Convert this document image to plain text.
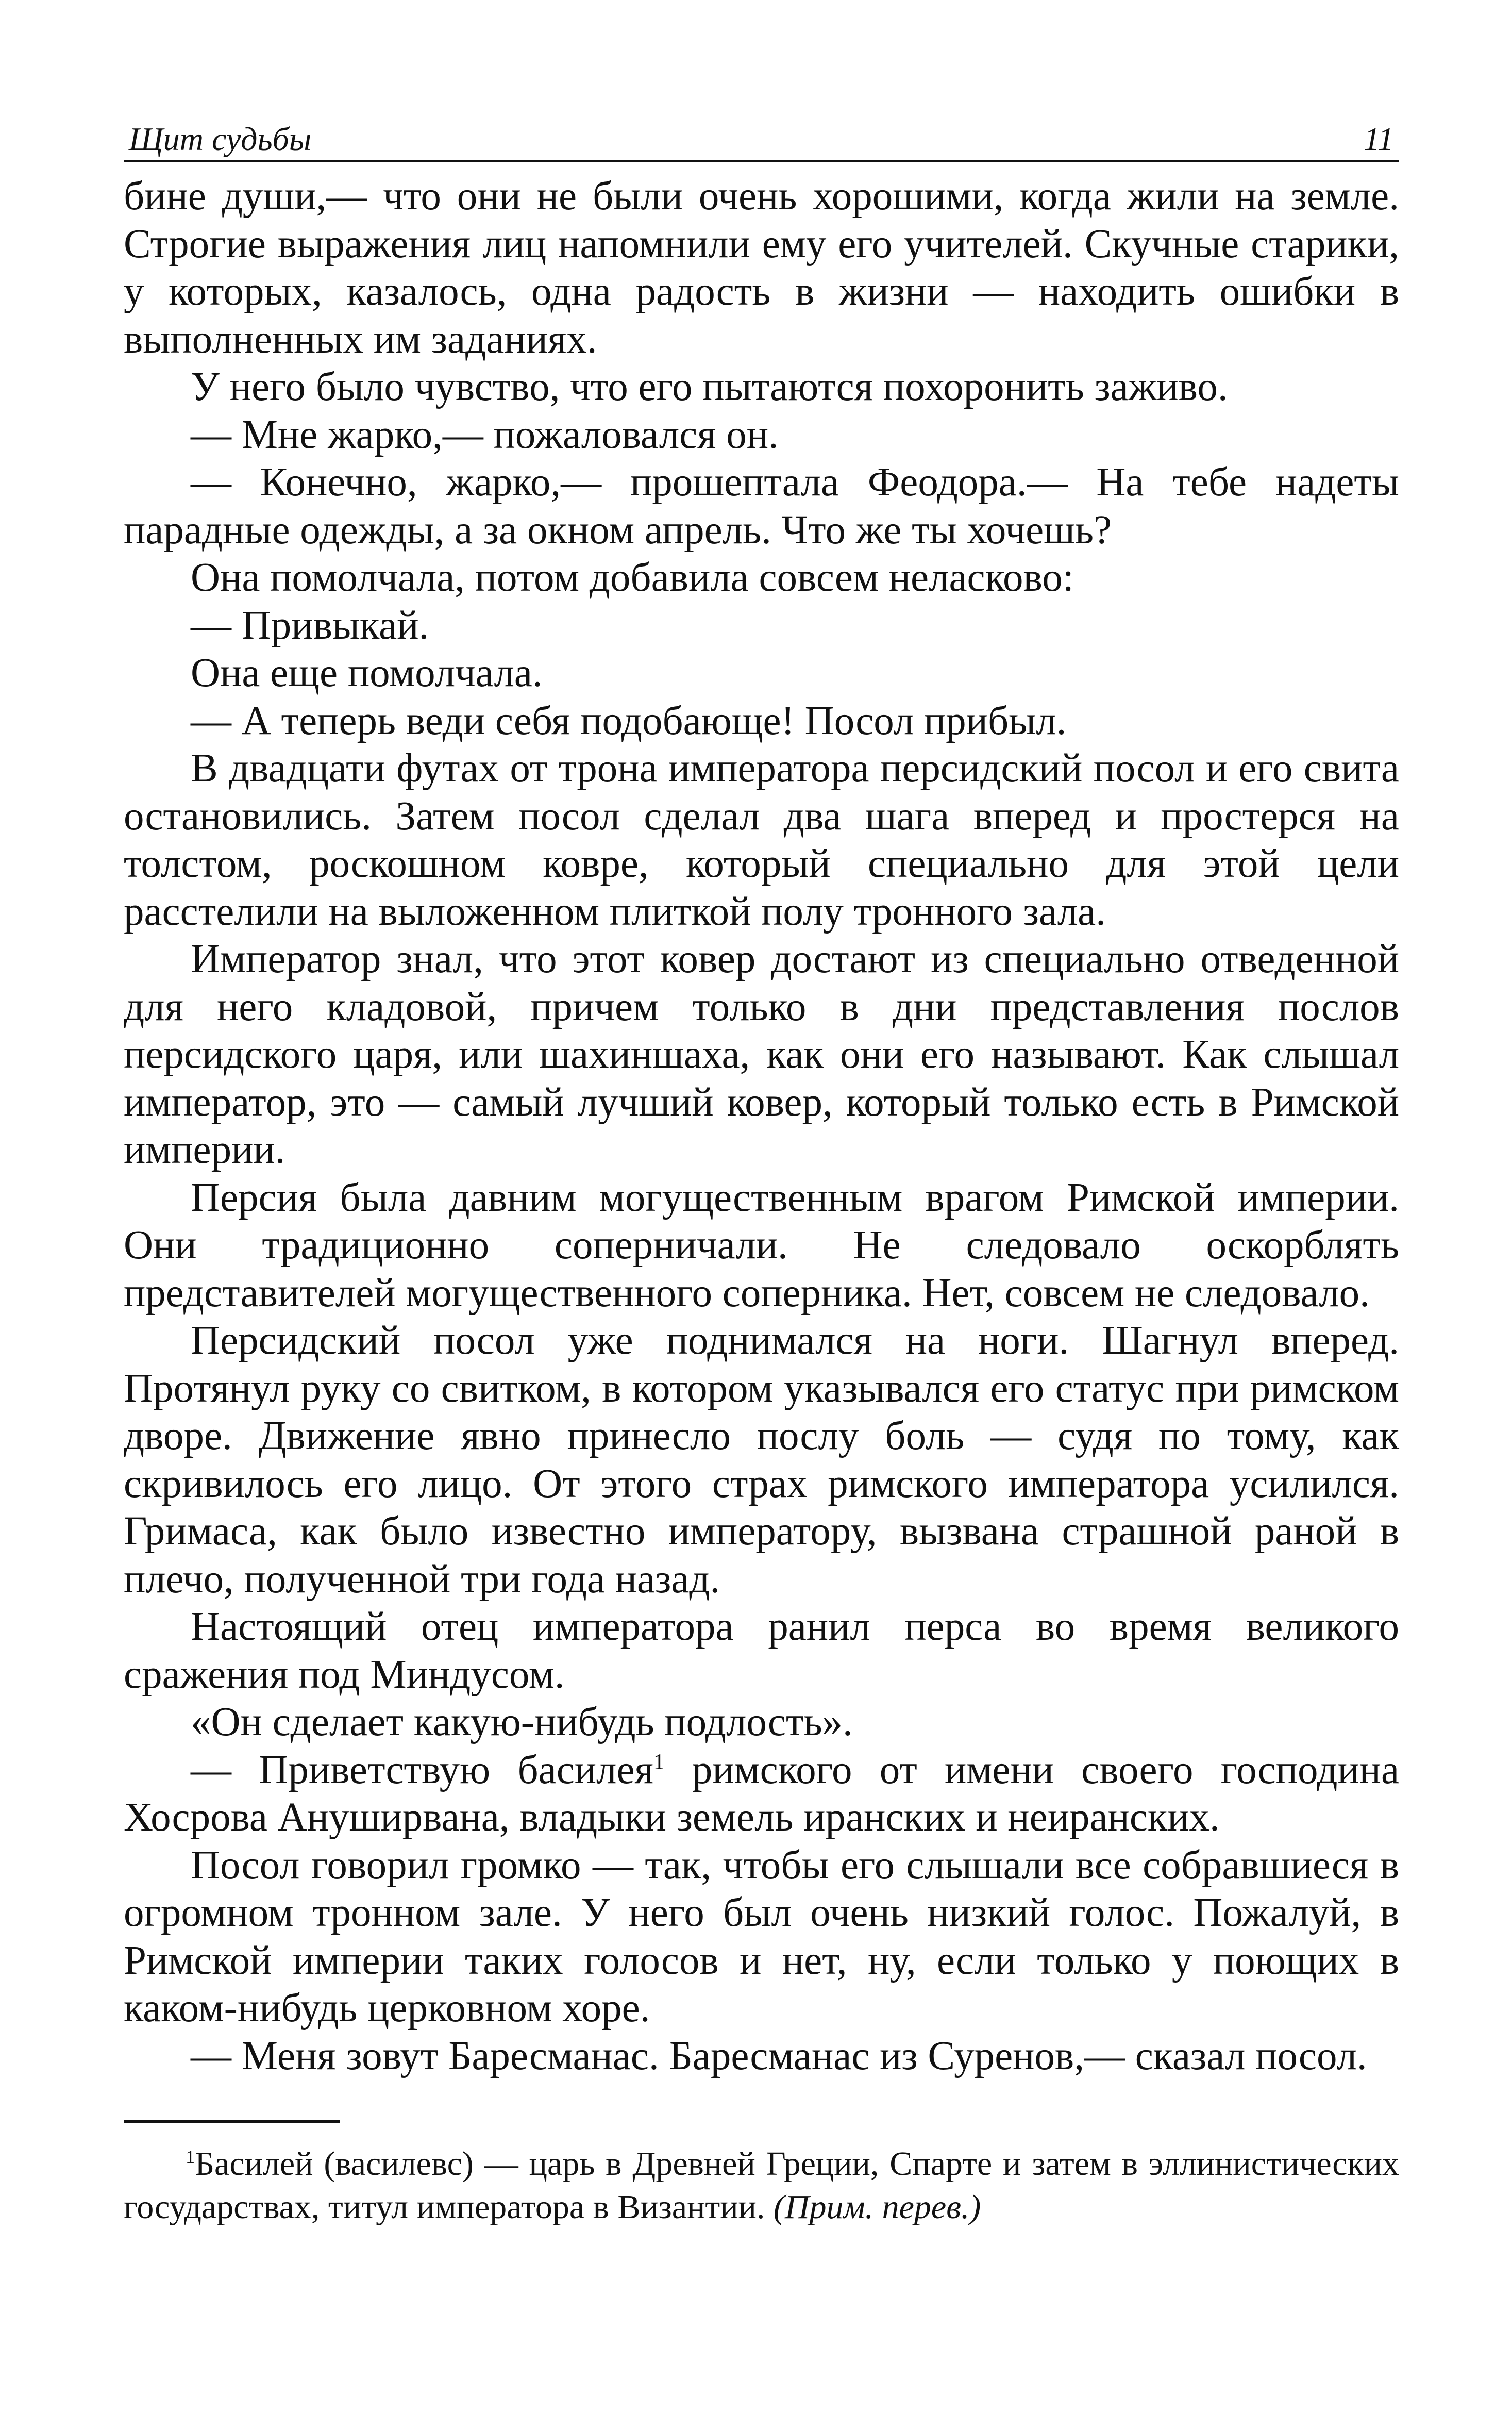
Щит судьбы	11

бине души,— что они не были очень хорошими, когда жили на земле. Строгие выражения лиц напомнили ему его учителей. Скучные старики, у которых, казалось, одна радость в жизни — находить ошибки в выполненных им заданиях.

У него было чувство, что его пытаются похоронить заживо.

— Мне жарко,— пожаловался он.

— Конечно, жарко,— прошептала Феодора.— На тебе надеты парадные одежды, а за окном апрель. Что же ты хочешь?

Она помолчала, потом добавила совсем неласково:

— Привыкай.

Она еще помолчала.

— А теперь веди себя подобающе! Посол прибыл.

В двадцати футах от трона императора персидский посол и его свита остановились. Затем посол сделал два шага вперед и простерся на толстом, роскошном ковре, который специально для этой цели расстелили на выложенном плиткой полу тронного зала.

Император знал, что этот ковер достают из специально отведенной для него кладовой, причем только в дни представления послов персидского царя, или шахиншаха, как они его называют. Как слышал император, это — самый лучший ковер, который только есть в Римской империи.

Персия была давним могущественным врагом Римской империи. Они традиционно соперничали. Не следовало оскорблять представителей могущественного соперника. Нет, совсем не следовало.

Персидский посол уже поднимался на ноги. Шагнул вперед. Протянул руку со свитком, в котором указывался его статус при римском дворе. Движение явно принесло послу боль — судя по тому, как скривилось его лицо. От этого страх римского императора усилился. Гримаса, как было известно императору, вызвана страшной раной в плечо, полученной три года назад.

Настоящий отец императора ранил перса во время великого сражения под Миндусом.

«Он сделает какую-нибудь подлость».

— Приветствую басилея$^1$ римского от имени своего господина Хосрова Ануширвана, владыки земель иранских и неиранских.

Посол говорил громко — так, чтобы его слышали все собравшиеся в огромном тронном зале. У него был очень низкий голос. Пожалуй, в Римской империи таких голосов и нет, ну, если только у поющих в каком-нибудь церковном хоре.

— Меня зовут Баресманас. Баресманас из Суренов,— сказал посол.

$^1$Басилей (василевс) — царь в Древней Греции, Спарте и затем в эллинистических государствах, титул императора в Византии. (Прим. перев.)
